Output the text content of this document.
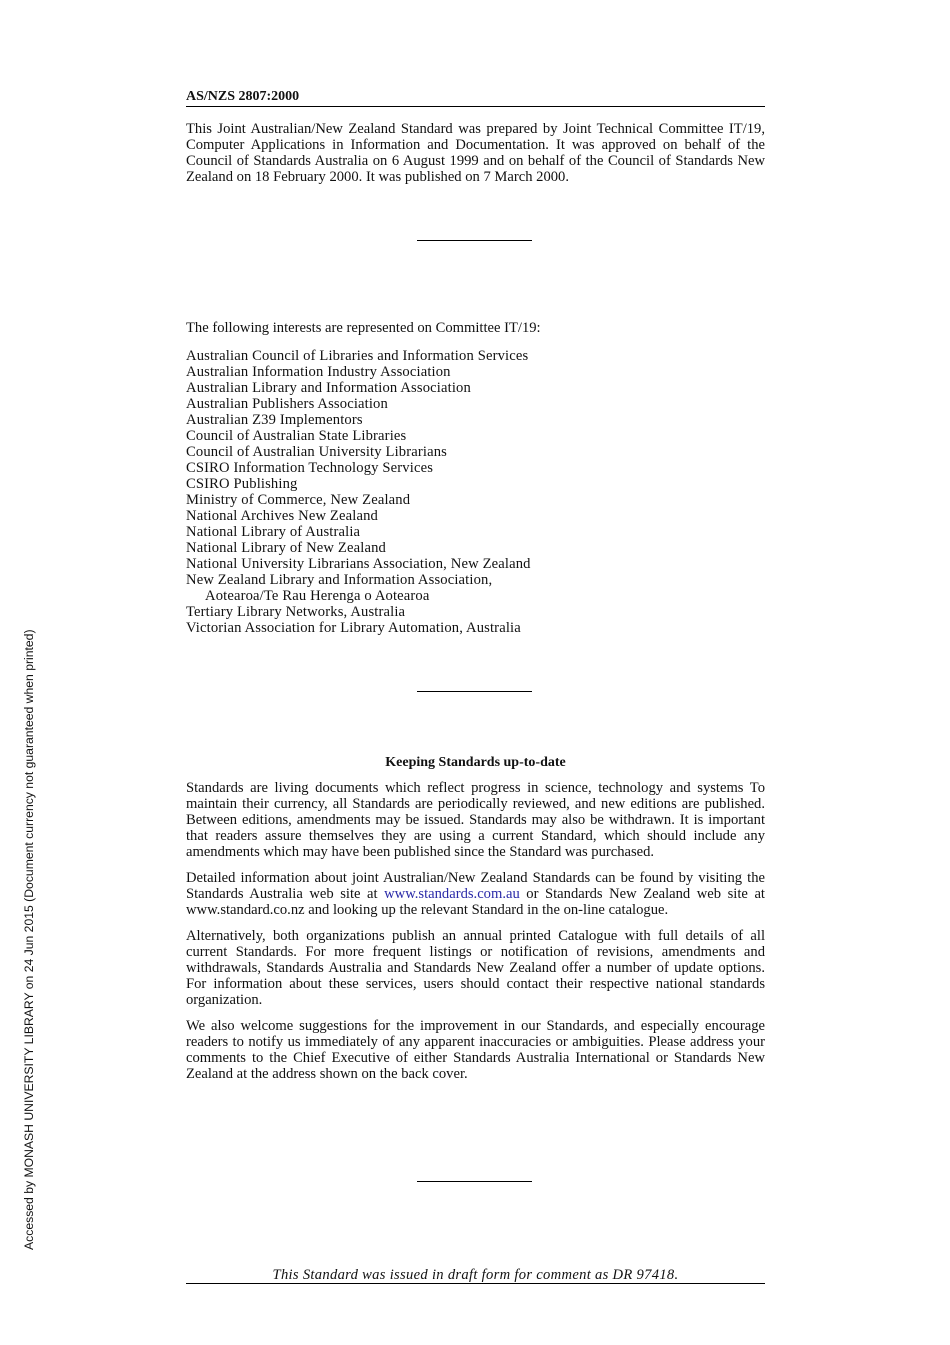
Accessed by MONASH UNIVERSITY LIBRARY on 24 Jun 2015 (Document currency not guaranteed when printed)
AS/NZS 2807:2000

This Joint Australian/New Zealand Standard was prepared by Joint Technical Committee IT/19, Computer Applications in Information and Documentation. It was approved on behalf of the Council of Standards Australia on 6 August 1999 and on behalf of the Council of Standards New Zealand on 18 February 2000. It was published on 7 March 2000.

The following interests are represented on Committee IT/19:

Australian Council of Libraries and Information Services
Australian Information Industry Association
Australian Library and Information Association
Australian Publishers Association
Australian Z39 Implementors
Council of Australian State Libraries
Council of Australian University Librarians
CSIRO Information Technology Services
CSIRO Publishing
Ministry of Commerce, New Zealand
National Archives New Zealand
National Library of Australia
National Library of New Zealand
National University Librarians Association, New Zealand
New Zealand Library and Information Association,
Aotearoa/Te Rau Herenga o Aotearoa
Tertiary Library Networks, Australia
Victorian Association for Library Automation, Australia
Keeping Standards up-to-date

Standards are living documents which reflect progress in science, technology and systems To maintain their currency, all Standards are periodically reviewed, and new editions are published. Between editions, amendments may be issued. Standards may also be withdrawn. It is important that readers assure themselves they are using a current Standard, which should include any amendments which may have been published since the Standard was purchased.

Detailed information about joint Australian/New Zealand Standards can be found by visiting the Standards Australia web site at www.standards.com.au or Standards New Zealand web site at www.standard.co.nz and looking up the relevant Standard in the on-line catalogue.

Alternatively, both organizations publish an annual printed Catalogue with full details of all current Standards. For more frequent listings or notification of revisions, amendments and withdrawals, Standards Australia and Standards New Zealand offer a number of update options. For information about these services, users should contact their respective national standards organization.

We also welcome suggestions for the improvement in our Standards, and especially encourage readers to notify us immediately of any apparent inaccuracies or ambiguities. Please address your comments to the Chief Executive of either Standards Australia International or Standards New Zealand at the address shown on the back cover.

This Standard was issued in draft form for comment as DR 97418.
